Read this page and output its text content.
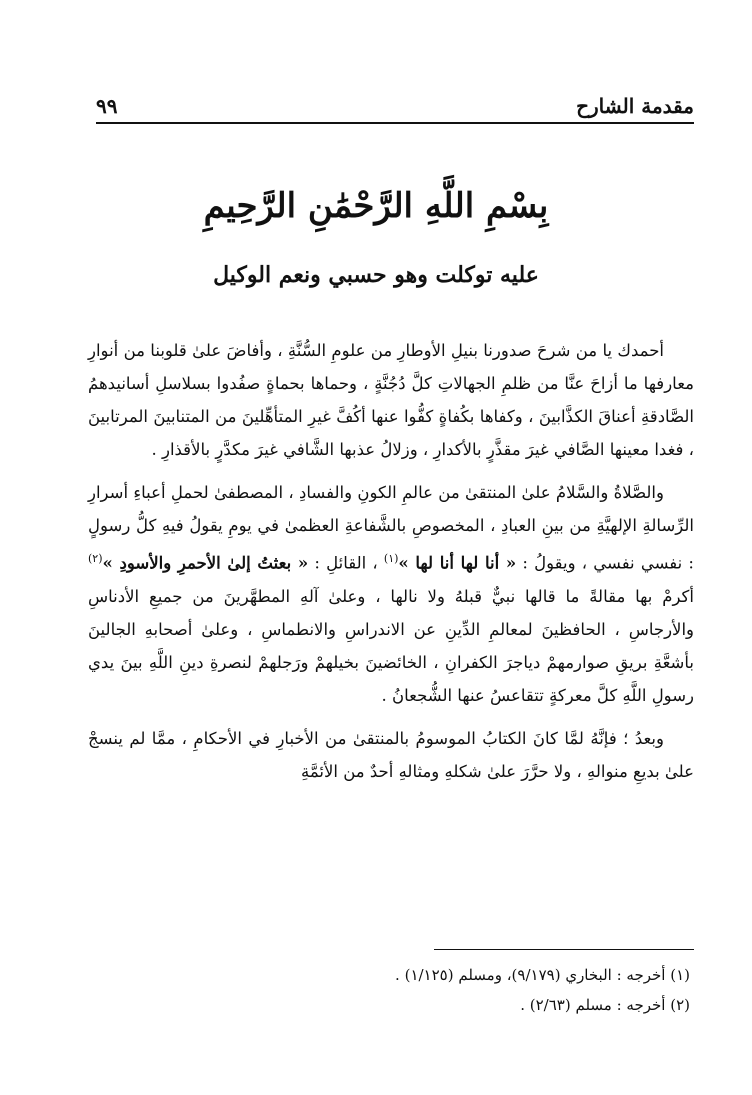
مقدمة الشارح
٩٩
بِسْمِ اللَّهِ الرَّحْمَٰنِ الرَّحِيمِ
عليه توكلت وهو حسبي ونعم الوكيل

أحمدك يا من شرحَ صدورنا بنيلِ الأوطارِ من علومِ السُّنَّةِ ، وأفاضَ علىٰ قلوبنا من أنوارِ معارفها ما أزاحَ عنَّا من ظلمِ الجهالاتِ كلَّ دُجُنَّةٍ ، وحماها بحماةٍ صفُدوا بسلاسلِ أسانيدهمُ الصَّادقةِ أعناقَ الكذَّابينَ ، وكفاها بكُفاةٍ كفُّوا عنها أكُفَّ غيرِ المتأهِّلينَ من المتنابينَ المرتابينَ ، فغدا معينها الصَّافي غيرَ مقذَّرٍ بالأكدارِ ، وزلالُ عذبها الشَّافي غيرَ مكدَّرٍ بالأقذارِ .

والصَّلاةُ والسَّلامُ علىٰ المنتقىٰ من عالمِ الكونِ والفسادِ ، المصطفىٰ لحملِ أعباءِ أسرارِ الرِّسالةِ الإلهيَّةِ من بينِ العبادِ ، المخصوصِ بالشَّفاعةِ العظمىٰ في يومِ يقولُ فيهِ كلُّ رسولٍ : نفسي نفسي ، ويقولُ : « أنا لها أنا لها »$^{(١)}$ ، القائلِ : « بعثتُ إلىٰ الأحمرِ والأسودِ »$^{(٢)}$ أكرمْ بها مقالةً ما قالها نبيٌّ قبلهُ ولا نالها ، وعلىٰ آلهِ المطهَّرينَ من جميعِ الأدناسِ والأرجاسِ ، الحافظينَ لمعالمِ الدِّينِ عن الاندراسِ والانطماسِ ، وعلىٰ أصحابهِ الجالينَ بأشعَّةِ بريقِ صوارمهمْ دياجرَ الكفرانِ ، الخائضينَ بخيلهمْ ورَجلهمْ لنصرةِ دينِ اللَّهِ بينَ يدي رسولِ اللَّهِ كلَّ معركةٍ تتقاعسُ عنها الشُّجعانُ .

وبعدُ ؛ فإنَّهُ لمَّا كانَ الكتابُ الموسومُ بالمنتقىٰ من الأخبارِ في الأحكامِ ، ممَّا لم ينسجْ علىٰ بديعِ منوالهِ ، ولا حرَّرَ علىٰ شكلهِ ومثالهِ أحدٌ من الأئمَّةِ

(١) أخرجه : البخاري (٩/١٧٩)، ومسلم (١/١٢٥) .
(٢) أخرجه : مسلم (٢/٦٣) .
